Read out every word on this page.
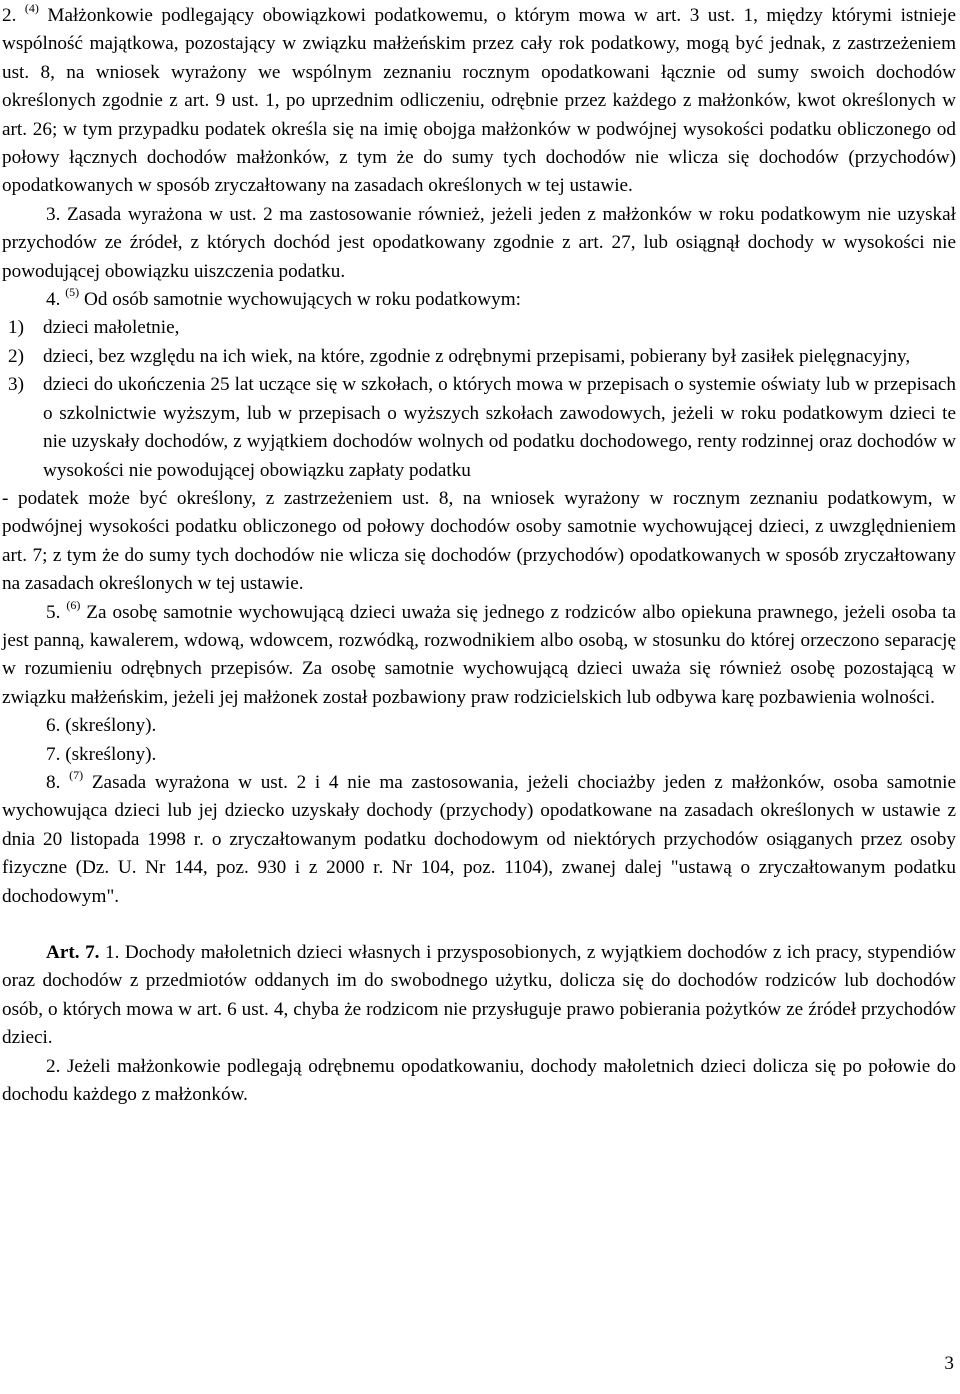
2. $^{(4)}$ Małżonkowie podlegający obowiązkowi podatkowemu, o którym mowa w art. 3 ust. 1, między którymi istnieje wspólność majątkowa, pozostający w związku małżeńskim przez cały rok podatkowy, mogą być jednak, z zastrzeżeniem ust. 8, na wniosek wyrażony we wspólnym zeznaniu rocznym opodatkowani łącznie od sumy swoich dochodów określonych zgodnie z art. 9 ust. 1, po uprzednim odliczeniu, odrębnie przez każdego z małżonków, kwot określonych w art. 26; w tym przypadku podatek określa się na imię obojga małżonków w podwójnej wysokości podatku obliczonego od połowy łącznych dochodów małżonków, z tym że do sumy tych dochodów nie wlicza się dochodów (przychodów) opodatkowanych w sposób zryczałtowany na zasadach określonych w tej ustawie.

3. Zasada wyrażona w ust. 2 ma zastosowanie również, jeżeli jeden z małżonków w roku podatkowym nie uzyskał przychodów ze źródeł, z których dochód jest opodatkowany zgodnie z art. 27, lub osiągnął dochody w wysokości nie powodującej obowiązku uiszczenia podatku.

4. $^{(5)}$ Od osób samotnie wychowujących w roku podatkowym:

1) dzieci małoletnie,
2) dzieci, bez względu na ich wiek, na które, zgodnie z odrębnymi przepisami, pobierany był zasiłek pielęgnacyjny,
3) dzieci do ukończenia 25 lat uczące się w szkołach, o których mowa w przepisach o systemie oświaty lub w przepisach o szkolnictwie wyższym, lub w przepisach o wyższych szkołach zawodowych, jeżeli w roku podatkowym dzieci te nie uzyskały dochodów, z wyjątkiem dochodów wolnych od podatku dochodowego, renty rodzinnej oraz dochodów w wysokości nie powodującej obowiązku zapłaty podatku

- podatek może być określony, z zastrzeżeniem ust. 8, na wniosek wyrażony w rocznym zeznaniu podatkowym, w podwójnej wysokości podatku obliczonego od połowy dochodów osoby samotnie wychowującej dzieci, z uwzględnieniem art. 7; z tym że do sumy tych dochodów nie wlicza się dochodów (przychodów) opodatkowanych w sposób zryczałtowany na zasadach określonych w tej ustawie.

5. $^{(6)}$ Za osobę samotnie wychowującą dzieci uważa się jednego z rodziców albo opiekuna prawnego, jeżeli osoba ta jest panną, kawalerem, wdową, wdowcem, rozwódką, rozwodnikiem albo osobą, w stosunku do której orzeczono separację w rozumieniu odrębnych przepisów. Za osobę samotnie wychowującą dzieci uważa się również osobę pozostającą w związku małżeńskim, jeżeli jej małżonek został pozbawiony praw rodzicielskich lub odbywa karę pozbawienia wolności.

6. (skreślony).

7. (skreślony).

8. $^{(7)}$ Zasada wyrażona w ust. 2 i 4 nie ma zastosowania, jeżeli chociażby jeden z małżonków, osoba samotnie wychowująca dzieci lub jej dziecko uzyskały dochody (przychody) opodatkowane na zasadach określonych w ustawie z dnia 20 listopada 1998 r. o zryczałtowanym podatku dochodowym od niektórych przychodów osiąganych przez osoby fizyczne (Dz. U. Nr 144, poz. 930 i z 2000 r. Nr 104, poz. 1104), zwanej dalej "ustawą o zryczałtowanym podatku dochodowym".

Art. 7. 1. Dochody małoletnich dzieci własnych i przysposobionych, z wyjątkiem dochodów z ich pracy, stypendiów oraz dochodów z przedmiotów oddanych im do swobodnego użytku, dolicza się do dochodów rodziców lub dochodów osób, o których mowa w art. 6 ust. 4, chyba że rodzicom nie przysługuje prawo pobierania pożytków ze źródeł przychodów dzieci.

2. Jeżeli małżonkowie podlegają odrębnemu opodatkowaniu, dochody małoletnich dzieci dolicza się po połowie do dochodu każdego z małżonków.

3
